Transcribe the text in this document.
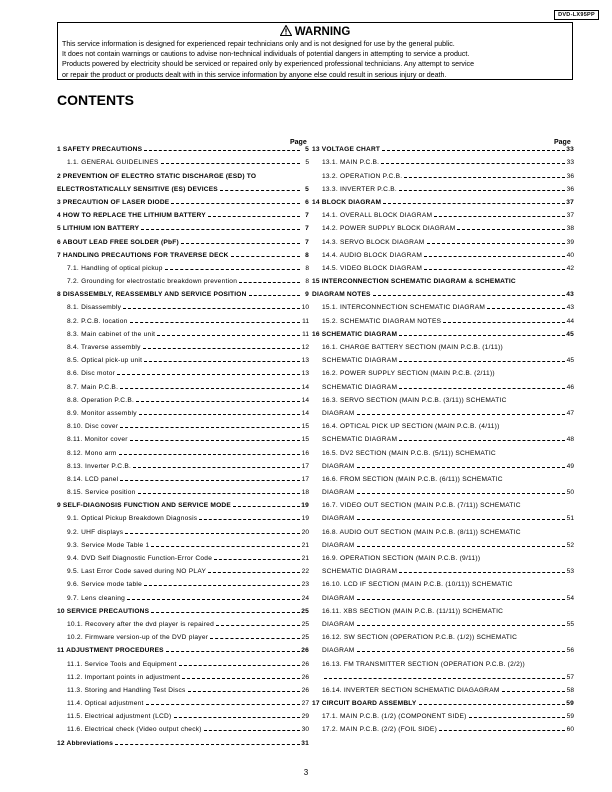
DVD-LX95PP
WARNING
This service information is designed for experienced repair technicians only and is not designed for use by the general public.
It does not contain warnings or cautions to advise non-technical individuals of potential dangers in attempting to service a product.
Products powered by electricity should be serviced or repaired only by experienced professional technicians. Any attempt to service
or repair the product or products dealt with in this service information by anyone else could result in serious injury or death.
CONTENTS
Page	Page
1 SAFETY PRECAUTIONS	5
1.1. GENERAL GUIDELINES	5
2 PREVENTION OF ELECTRO STATIC DISCHARGE (ESD) TO
ELECTROSTATICALLY SENSITIVE (ES) DEVICES	5
3 PRECAUTION OF LASER DIODE	6
4 HOW TO REPLACE THE LITHIUM BATTERY	7
5 LITHIUM ION BATTERY	7
6 ABOUT LEAD FREE SOLDER (PbF)	7
7 HANDLING PRECAUTIONS FOR TRAVERSE DECK	8
7.1. Handling of optical pickup	8
7.2. Grounding for electrostatic breakdown prevention	8
8 DISASSEMBLY, REASSEMBLY AND SERVICE POSITION	9
8.1. Disassembly	10
8.2. P.C.B. location	11
8.3. Main cabinet of the unit	11
8.4. Traverse assembly	12
8.5. Optical pick-up unit	13
8.6. Disc motor	13
8.7. Main P.C.B.	14
8.8. Operation P.C.B.	14
8.9. Monitor assembly	14
8.10. Disc cover	15
8.11. Monitor cover	15
8.12. Mono arm	16
8.13. Inverter P.C.B.	17
8.14. LCD panel	17
8.15. Service position	18
9 SELF-DIAGNOSIS FUNCTION AND SERVICE MODE	19
9.1. Optical Pickup Breakdown Diagnosis	19
9.2. UHF displays	20
9.3. Service Mode Table 1	21
9.4. DVD Self Diagnostic Function-Error Code	21
9.5. Last Error Code saved during NO PLAY	22
9.6. Service mode table	23
9.7. Lens cleaning	24
10 SERVICE PRECAUTIONS	25
10.1. Recovery after the dvd player is repaired	25
10.2. Firmware version-up of the DVD player	25
11 ADJUSTMENT PROCEDURES	26
11.1. Service Tools and Equipment	26
11.2. Important points in adjustment	26
11.3. Storing and Handling Test Discs	26
11.4. Optical adjustment	27
11.5. Electrical adjustment (LCD)	29
11.6. Electrical check (Video output check)	30
12 Abbreviations	31
13 VOLTAGE CHART	33
13.1. MAIN P.C.B.	33
13.2. OPERATION P.C.B.	36
13.3. INVERTER P.C.B.	36
14 BLOCK DIAGRAM	37
14.1. OVERALL BLOCK DIAGRAM	37
14.2. POWER SUPPLY BLOCK DIAGRAM	38
14.3. SERVO BLOCK DIAGRAM	39
14.4. AUDIO BLOCK DIAGRAM	40
14.5. VIDEO BLOCK DIAGRAM	42
15 INTERCONNECTION SCHEMATIC DIAGRAM & SCHEMATIC
DIAGRAM NOTES	43
15.1. INTERCONNECTION SCHEMATIC DIAGRAM	43
15.2. SCHEMATIC DIAGRAM NOTES	44
16 SCHEMATIC DIAGRAM	45
16.1. CHARGE BATTERY SECTION (MAIN P.C.B. (1/11))
SCHEMATIC DIAGRAM	45
16.2. POWER SUPPLY SECTION (MAIN P.C.B. (2/11))
SCHEMATIC DIAGRAM	46
16.3. SERVO SECTION (MAIN P.C.B. (3/11)) SCHEMATIC
DIAGRAM	47
16.4. OPTICAL PICK UP SECTION (MAIN P.C.B. (4/11))
SCHEMATIC DIAGRAM	48
16.5. DV2 SECTION (MAIN P.C.B. (5/11)) SCHEMATIC
DIAGRAM	49
16.6. FROM SECTION (MAIN P.C.B. (6/11)) SCHEMATIC
DIAGRAM	50
16.7. VIDEO OUT SECTION (MAIN P.C.B. (7/11)) SCHEMATIC
DIAGRAM	51
16.8. AUDIO OUT SECTION (MAIN P.C.B. (8/11)) SCHEMATIC
DIAGRAM	52
16.9. OPERATION SECTION (MAIN P.C.B. (9/11))
SCHEMATIC DIAGRAM	53
16.10. LCD IF SECTION (MAIN P.C.B. (10/11)) SCHEMATIC
DIAGRAM	54
16.11. XBS SECTION (MAIN P.C.B. (11/11)) SCHEMATIC
DIAGRAM	55
16.12. SW SECTION (OPERATION P.C.B. (1/2)) SCHEMATIC
DIAGRAM	56
16.13. FM TRANSMITTER SECTION (OPERATION P.C.B. (2/2))
57
16.14. INVERTER SECTION SCHEMATIC DIAGAGRAM	58
17 CIRCUIT BOARD ASSEMBLY	59
17.1. MAIN P.C.B. (1/2) (COMPONENT SIDE)	59
17.2. MAIN P.C.B. (2/2) (FOIL SIDE)	60
3
